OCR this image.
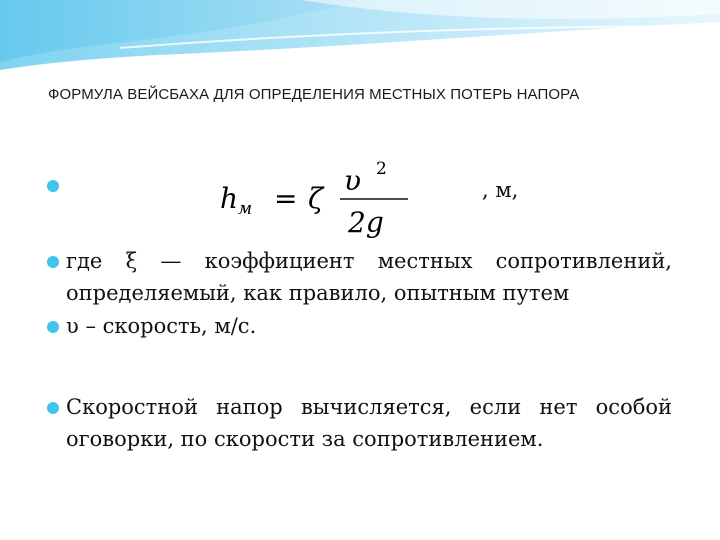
ФОРМУЛА ВЕЙСБАХА ДЛЯ ОПРЕДЕЛЕНИЯ МЕСТНЫХ ПОТЕРЬ НАПОРА
h м = ζ
υ 2
2g
, м,
где ξ — коэффициент местных сопротивлений,
определяемый, как правило, опытным путем
υ – скорость, м/с.
Скоростной напор вычисляется, если нет особой
оговорки, по скорости за сопротивлением.
